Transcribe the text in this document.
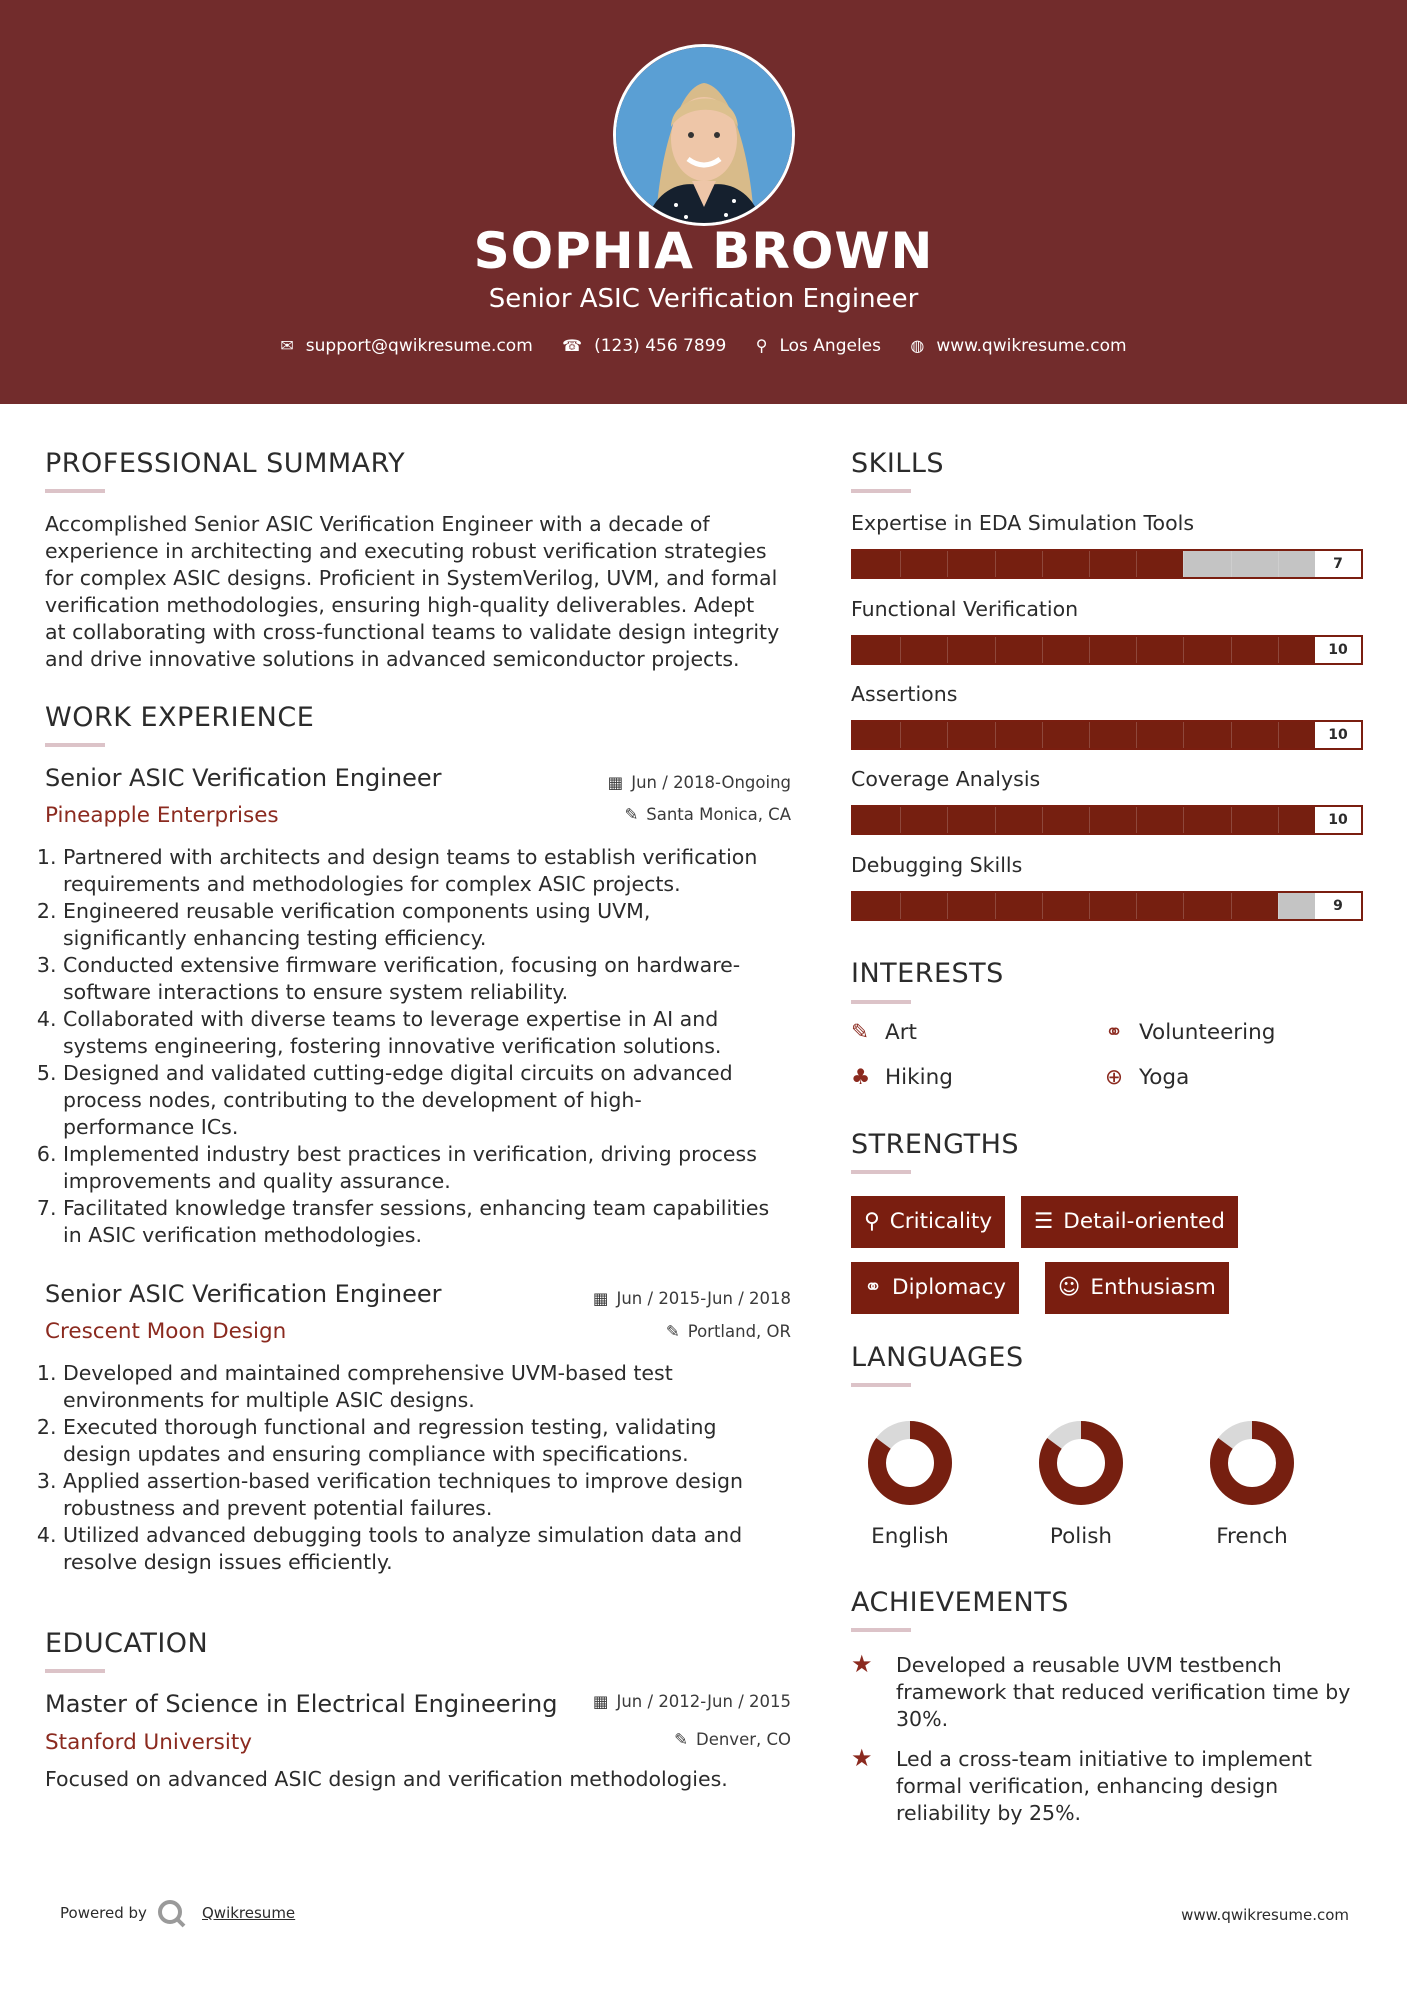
SOPHIA BROWN
Senior ASIC Verification Engineer
✉ support@qwikresume.com ☎ (123) 456 7899 ⚲ Los Angeles ◍ www.qwikresume.com
PROFESSIONAL SUMMARY
Accomplished Senior ASIC Verification Engineer with a decade of
experience in architecting and executing robust verification strategies
for complex ASIC designs. Proficient in SystemVerilog, UVM, and formal
verification methodologies, ensuring high-quality deliverables. Adept
at collaborating with cross-functional teams to validate design integrity
and drive innovative solutions in advanced semiconductor projects.
WORK EXPERIENCE
Senior ASIC Verification Engineer	▦ Jun / 2018-Ongoing
Pineapple Enterprises	✎ Santa Monica, CA
1. Partnered with architects and design teams to establish verification
requirements and methodologies for complex ASIC projects.
2. Engineered reusable verification components using UVM,
significantly enhancing testing efficiency.
3. Conducted extensive firmware verification, focusing on hardware-
software interactions to ensure system reliability.
4. Collaborated with diverse teams to leverage expertise in AI and
systems engineering, fostering innovative verification solutions.
5. Designed and validated cutting-edge digital circuits on advanced
process nodes, contributing to the development of high-
performance ICs.
6. Implemented industry best practices in verification, driving process
improvements and quality assurance.
7. Facilitated knowledge transfer sessions, enhancing team capabilities
in ASIC verification methodologies.
Senior ASIC Verification Engineer	▦ Jun / 2015-Jun / 2018
Crescent Moon Design	✎ Portland, OR
1. Developed and maintained comprehensive UVM-based test
environments for multiple ASIC designs.
2. Executed thorough functional and regression testing, validating
design updates and ensuring compliance with specifications.
3. Applied assertion-based verification techniques to improve design
robustness and prevent potential failures.
4. Utilized advanced debugging tools to analyze simulation data and
resolve design issues efficiently.
EDUCATION
Master of Science in Electrical Engineering ▦ Jun / 2012-Jun / 2015
Stanford University	✎ Denver, CO
Focused on advanced ASIC design and verification methodologies.
SKILLS
Expertise in EDA Simulation Tools
7
Functional Verification
10
Assertions
10
Coverage Analysis
10
Debugging Skills
9
INTERESTS
✎ Art	⚭ Volunteering
♣ Hiking	⊕ Yoga
STRENGTHS
⚲ Criticality	☰ Detail-oriented
⚭ Diplomacy	☺ Enthusiasm
LANGUAGES
English	Polish	French
ACHIEVEMENTS
★ Developed a reusable UVM testbench
framework that reduced verification time by
30%.
★ Led a cross-team initiative to implement
formal verification, enhancing design
reliability by 25%.
Powered by	Qwikresume	www.qwikresume.com
